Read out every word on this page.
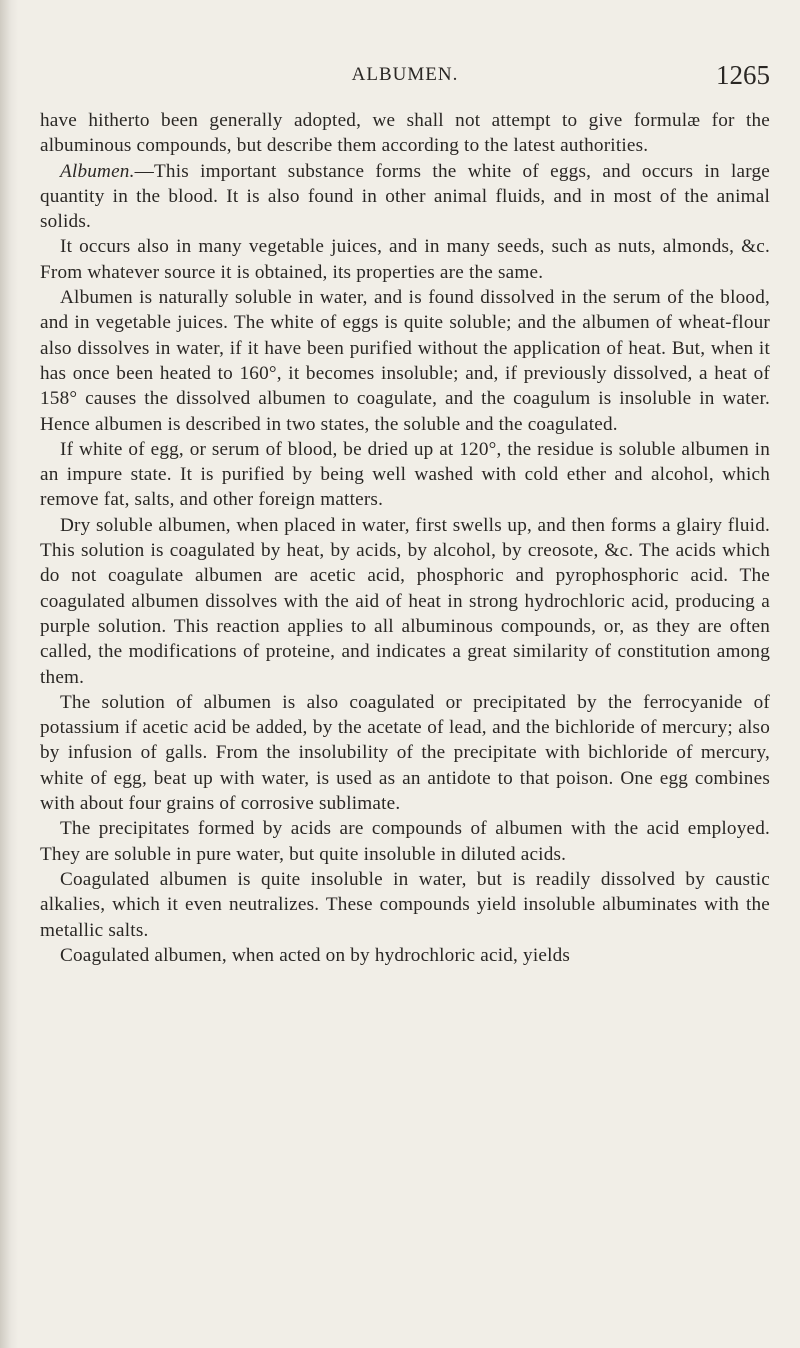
ALBUMEN.	1265

have hitherto been generally adopted, we shall not attempt to give formulæ for the albuminous compounds, but describe them according to the latest authorities.

Albumen.—This important substance forms the white of eggs, and occurs in large quantity in the blood. It is also found in other animal fluids, and in most of the animal solids.

It occurs also in many vegetable juices, and in many seeds, such as nuts, almonds, &c. From whatever source it is obtained, its properties are the same.

Albumen is naturally soluble in water, and is found dissolved in the serum of the blood, and in vegetable juices. The white of eggs is quite soluble; and the albumen of wheat-flour also dissolves in water, if it have been purified without the application of heat. But, when it has once been heated to 160°, it becomes insoluble; and, if previously dissolved, a heat of 158° causes the dissolved albumen to coagulate, and the coagulum is insoluble in water. Hence albumen is described in two states, the soluble and the coagulated.

If white of egg, or serum of blood, be dried up at 120°, the residue is soluble albumen in an impure state. It is purified by being well washed with cold ether and alcohol, which remove fat, salts, and other foreign matters.

Dry soluble albumen, when placed in water, first swells up, and then forms a glairy fluid. This solution is coagulated by heat, by acids, by alcohol, by creosote, &c. The acids which do not coagulate albumen are acetic acid, phosphoric and pyrophosphoric acid. The coagulated albumen dissolves with the aid of heat in strong hydrochloric acid, producing a purple solution. This reaction applies to all albuminous compounds, or, as they are often called, the modifications of proteine, and indicates a great similarity of constitution among them.

The solution of albumen is also coagulated or precipitated by the ferrocyanide of potassium if acetic acid be added, by the acetate of lead, and the bichloride of mercury; also by infusion of galls. From the insolubility of the precipitate with bichloride of mercury, white of egg, beat up with water, is used as an antidote to that poison. One egg combines with about four grains of corrosive sublimate.

The precipitates formed by acids are compounds of albumen with the acid employed. They are soluble in pure water, but quite insoluble in diluted acids.

Coagulated albumen is quite insoluble in water, but is readily dissolved by caustic alkalies, which it even neutralizes. These compounds yield insoluble albuminates with the metallic salts.

Coagulated albumen, when acted on by hydrochloric acid, yields
